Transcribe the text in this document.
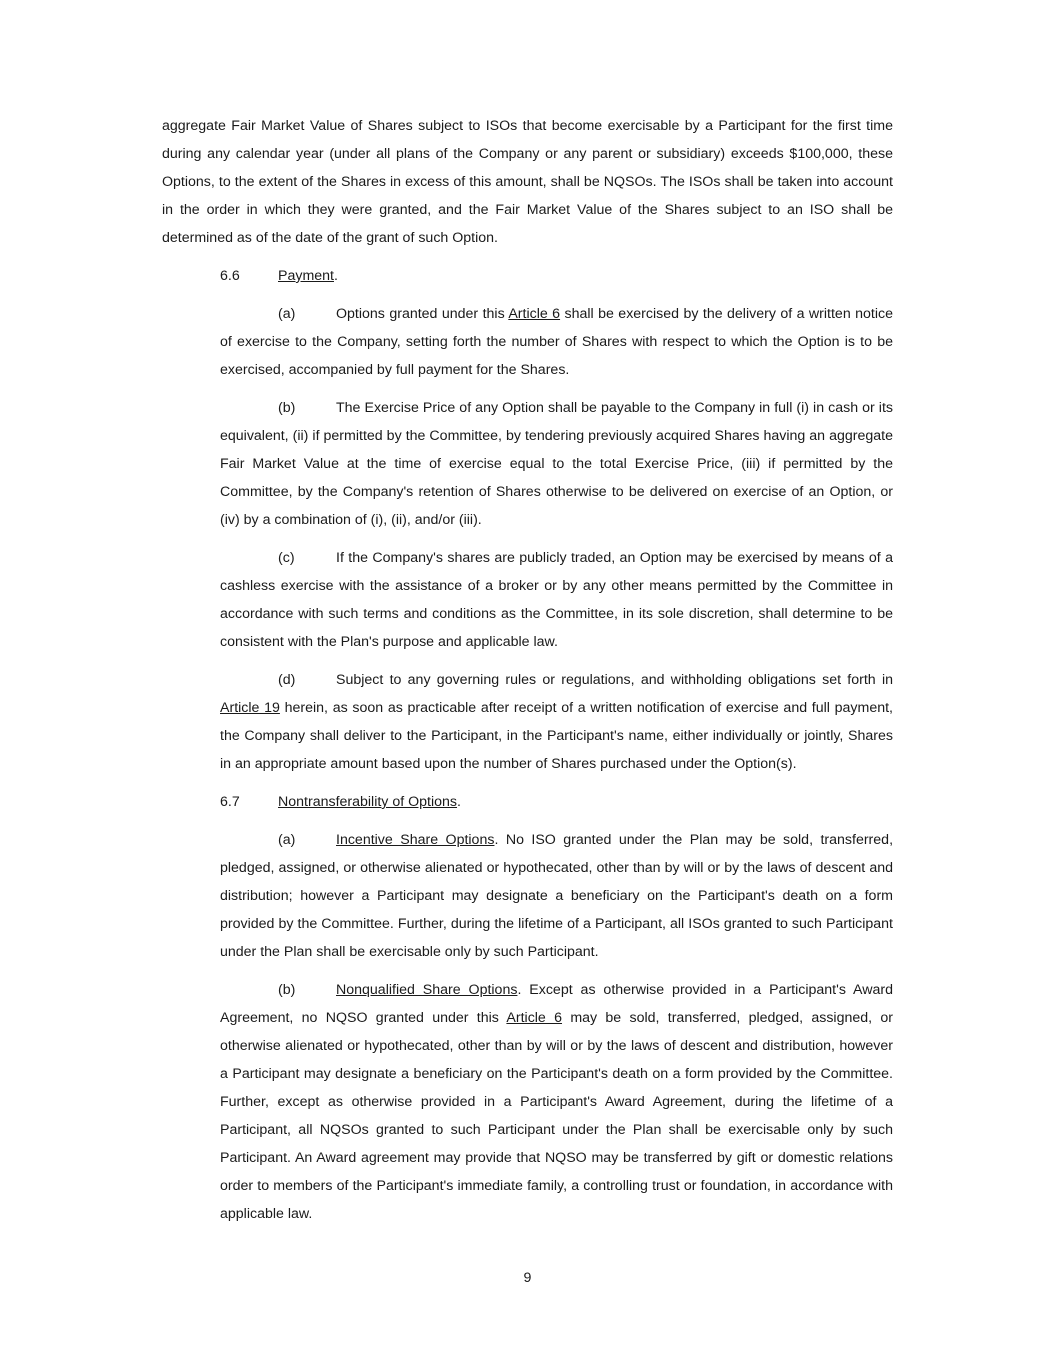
aggregate Fair Market Value of Shares subject to ISOs that become exercisable by a Participant for the first time during any calendar year (under all plans of the Company or any parent or subsidiary) exceeds $100,000, these Options, to the extent of the Shares in excess of this amount, shall be NQSOs. The ISOs shall be taken into account in the order in which they were granted, and the Fair Market Value of the Shares subject to an ISO shall be determined as of the date of the grant of such Option.

6.6	Payment.

(a)	Options granted under this Article 6 shall be exercised by the delivery of a written notice of exercise to the Company, setting forth the number of Shares with respect to which the Option is to be exercised, accompanied by full payment for the Shares.

(b)	The Exercise Price of any Option shall be payable to the Company in full (i) in cash or its equivalent, (ii) if permitted by the Committee, by tendering previously acquired Shares having an aggregate Fair Market Value at the time of exercise equal to the total Exercise Price, (iii) if permitted by the Committee, by the Company's retention of Shares otherwise to be delivered on exercise of an Option, or (iv) by a combination of (i), (ii), and/or (iii).

(c)	If the Company's shares are publicly traded, an Option may be exercised by means of a cashless exercise with the assistance of a broker or by any other means permitted by the Committee in accordance with such terms and conditions as the Committee, in its sole discretion, shall determine to be consistent with the Plan's purpose and applicable law.

(d)	Subject to any governing rules or regulations, and withholding obligations set forth in Article 19 herein, as soon as practicable after receipt of a written notification of exercise and full payment, the Company shall deliver to the Participant, in the Participant's name, either individually or jointly, Shares in an appropriate amount based upon the number of Shares purchased under the Option(s).

6.7	Nontransferability of Options.

(a)	Incentive Share Options. No ISO granted under the Plan may be sold, transferred, pledged, assigned, or otherwise alienated or hypothecated, other than by will or by the laws of descent and distribution; however a Participant may designate a beneficiary on the Participant's death on a form provided by the Committee. Further, during the lifetime of a Participant, all ISOs granted to such Participant under the Plan shall be exercisable only by such Participant.

(b)	Nonqualified Share Options. Except as otherwise provided in a Participant's Award Agreement, no NQSO granted under this Article 6 may be sold, transferred, pledged, assigned, or otherwise alienated or hypothecated, other than by will or by the laws of descent and distribution, however a Participant may designate a beneficiary on the Participant's death on a form provided by the Committee. Further, except as otherwise provided in a Participant's Award Agreement, during the lifetime of a Participant, all NQSOs granted to such Participant under the Plan shall be exercisable only by such Participant. An Award agreement may provide that NQSO may be transferred by gift or domestic relations order to members of the Participant's immediate family, a controlling trust or foundation, in accordance with applicable law.

9
